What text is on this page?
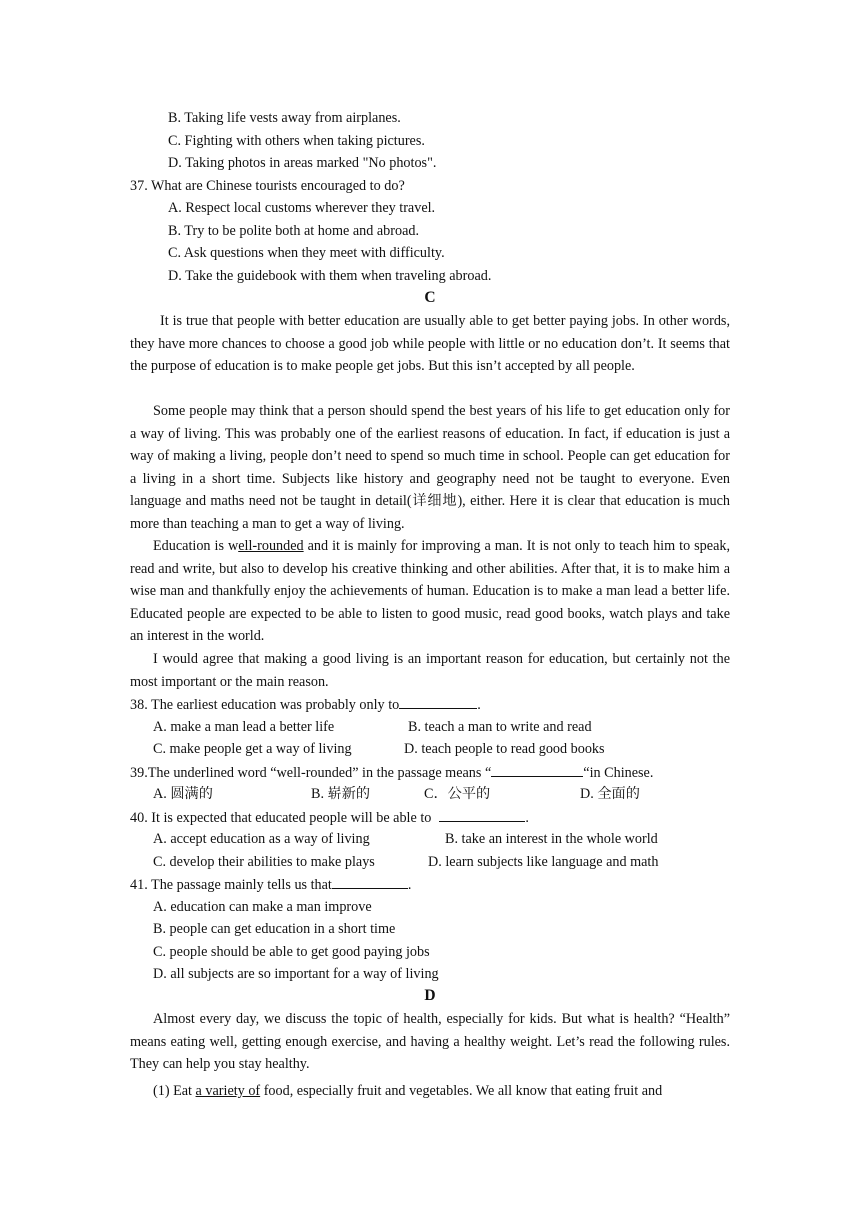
B. Taking life vests away from airplanes.
C. Fighting with others when taking pictures.
D. Taking photos in areas marked "No photos".
37. What are Chinese tourists encouraged to do?
A. Respect local customs wherever they travel.
B. Try to be polite both at home and abroad.
C. Ask questions when they meet with difficulty.
D. Take the guidebook with them when traveling abroad.
C
It is true that people with better education are usually able to get better paying jobs. In other words, they have more chances to choose a good job while people with little or no education don’t. It seems that the purpose of education is to make people get jobs. But this isn’t accepted by all people.
Some people may think that a person should spend the best years of his life to get education only for a way of living. This was probably one of the earliest reasons of education. In fact, if education is just a way of making a living, people don’t need to spend so much time in school. People can get education for a living in a short time. Subjects like history and geography need not be taught to everyone. Even language and maths need not be taught in detail(详细地), either. Here it is clear that education is much more than teaching a man to get a way of living.
Education is well-rounded and it is mainly for improving a man. It is not only to teach him to speak, read and write, but also to develop his creative thinking and other abilities. After that, it is to make him a wise man and thankfully enjoy the achievements of human. Education is to make a man lead a better life. Educated people are expected to be able to listen to good music, read good books, watch plays and take an interest in the world.
I would agree that making a good living is an important reason for education, but certainly not the most important or the main reason.
38. The earliest education was probably only to	.
A. make a man lead a better life	B. teach a man to write and read
C. make people get a way of living	D. teach people to read good books
39.The underlined word “well-rounded” in the passage means “	“in Chinese.
A. 圆满的	B. 崭新的	C．公平的	D. 全面的
40. It is expected that educated people will be able to	.
A. accept education as a way of living	B. take an interest in the whole world
C. develop their abilities to make plays	D. learn subjects like language and math
41. The passage mainly tells us that	.
A. education can make a man improve
B. people can get education in a short time
C. people should be able to get good paying jobs
D. all subjects are so important for a way of living
D
Almost every day, we discuss the topic of health, especially for kids. But what is health? “Health” means eating well, getting enough exercise, and having a healthy weight. Let’s read the following rules. They can help you stay healthy.
(1) Eat a variety of food, especially fruit and vegetables. We all know that eating fruit and
